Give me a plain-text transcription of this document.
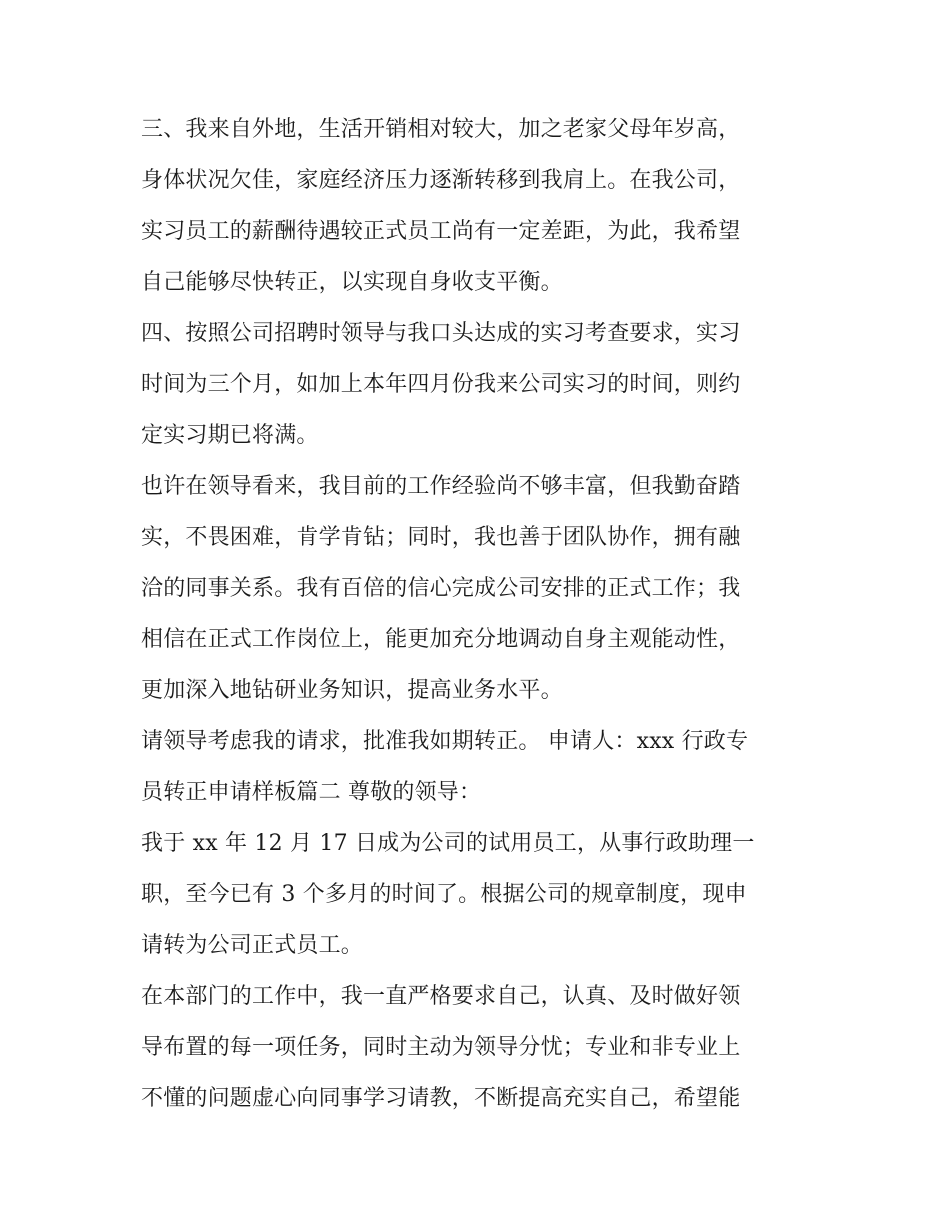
三、我来自外地，生活开销相对较大，加之老家父母年岁高，
身体状况欠佳，家庭经济压力逐渐转移到我肩上。在我公司，
实习员工的薪酬待遇较正式员工尚有一定差距，为此，我希望
自己能够尽快转正，以实现自身收支平衡。
四、按照公司招聘时领导与我口头达成的实习考查要求，实习
时间为三个月，如加上本年四月份我来公司实习的时间，则约
定实习期已将满。
也许在领导看来，我目前的工作经验尚不够丰富，但我勤奋踏
实，不畏困难，肯学肯钻；同时，我也善于团队协作，拥有融
洽的同事关系。我有百倍的信心完成公司安排的正式工作；我
相信在正式工作岗位上，能更加充分地调动自身主观能动性，
更加深入地钻研业务知识，提高业务水平。
请领导考虑我的请求，批准我如期转正。 申请人：xxx 行政专
员转正申请样板篇二 尊敬的领导：
我于 xx 年 12 月 17 日成为公司的试用员工，从事行政助理一
职，至今已有 3 个多月的时间了。根据公司的规章制度，现申
请转为公司正式员工。
在本部门的工作中，我一直严格要求自己，认真、及时做好领
导布置的每一项任务，同时主动为领导分忧；专业和非专业上
不懂的问题虚心向同事学习请教，不断提高充实自己，希望能
